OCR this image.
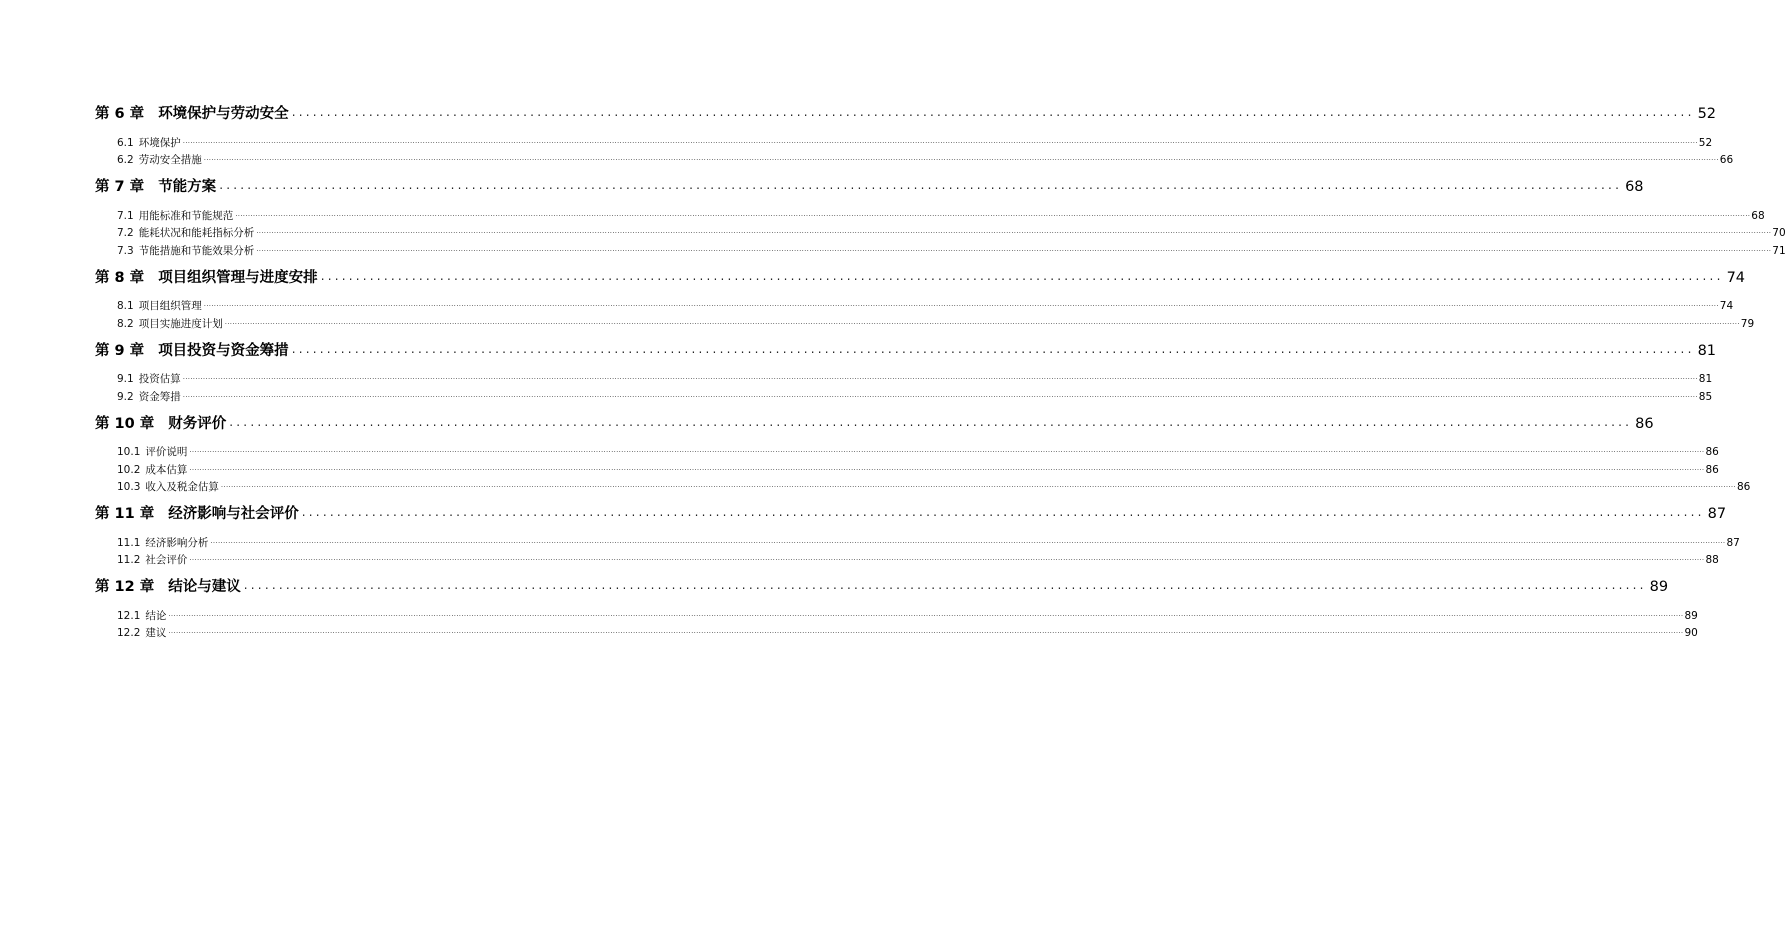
第 6 章 环境保护与劳动安全 ........................................................................................................................................................................................................ 52
6.1 环境保护 ........................................................................................................................................................................................................................................................................................................................................................................................................................................................................................................................................................................................................................ 52
6.2 劳动安全措施 ........................................................................................................................................................................................................................................................................................................................................................................................................................................................................................................................................................................................................................ 66
第 7 章 节能方案 ........................................................................................................................................................................................................ 68
7.1 用能标准和节能规范 ........................................................................................................................................................................................................................................................................................................................................................................................................................................................................................................................................................................................................................ 68
7.2 能耗状况和能耗指标分析 ........................................................................................................................................................................................................................................................................................................................................................................................................................................................................................................................................................................................................................ 70
7.3 节能措施和节能效果分析 ........................................................................................................................................................................................................................................................................................................................................................................................................................................................................................................................................................................................................................ 71
第 8 章 项目组织管理与进度安排 ........................................................................................................................................................................................................ 74
8.1 项目组织管理 ........................................................................................................................................................................................................................................................................................................................................................................................................................................................................................................................................................................................................................ 74
8.2 项目实施进度计划 ........................................................................................................................................................................................................................................................................................................................................................................................................................................................................................................................................................................................................................ 79
第 9 章 项目投资与资金筹措 ........................................................................................................................................................................................................ 81
9.1 投资估算 ........................................................................................................................................................................................................................................................................................................................................................................................................................................................................................................................................................................................................................ 81
9.2 资金筹措 ........................................................................................................................................................................................................................................................................................................................................................................................................................................................................................................................................................................................................................ 85
第 10 章 财务评价 ........................................................................................................................................................................................................ 86
10.1 评价说明 ........................................................................................................................................................................................................................................................................................................................................................................................................................................................................................................................................................................................................................ 86
10.2 成本估算 ........................................................................................................................................................................................................................................................................................................................................................................................................................................................................................................................................................................................................................ 86
10.3 收入及税金估算 ........................................................................................................................................................................................................................................................................................................................................................................................................................................................................................................................................................................................................................ 86
第 11 章 经济影响与社会评价 ........................................................................................................................................................................................................ 87
11.1 经济影响分析 ........................................................................................................................................................................................................................................................................................................................................................................................................................................................................................................................................................................................................................ 87
11.2 社会评价 ........................................................................................................................................................................................................................................................................................................................................................................................................................................................................................................................................................................................................................ 88
第 12 章 结论与建议 ........................................................................................................................................................................................................ 89
12.1 结论 ........................................................................................................................................................................................................................................................................................................................................................................................................................................................................................................................................................................................................................ 89
12.2 建议 ........................................................................................................................................................................................................................................................................................................................................................................................................................................................................................................................................................................................................................ 90
